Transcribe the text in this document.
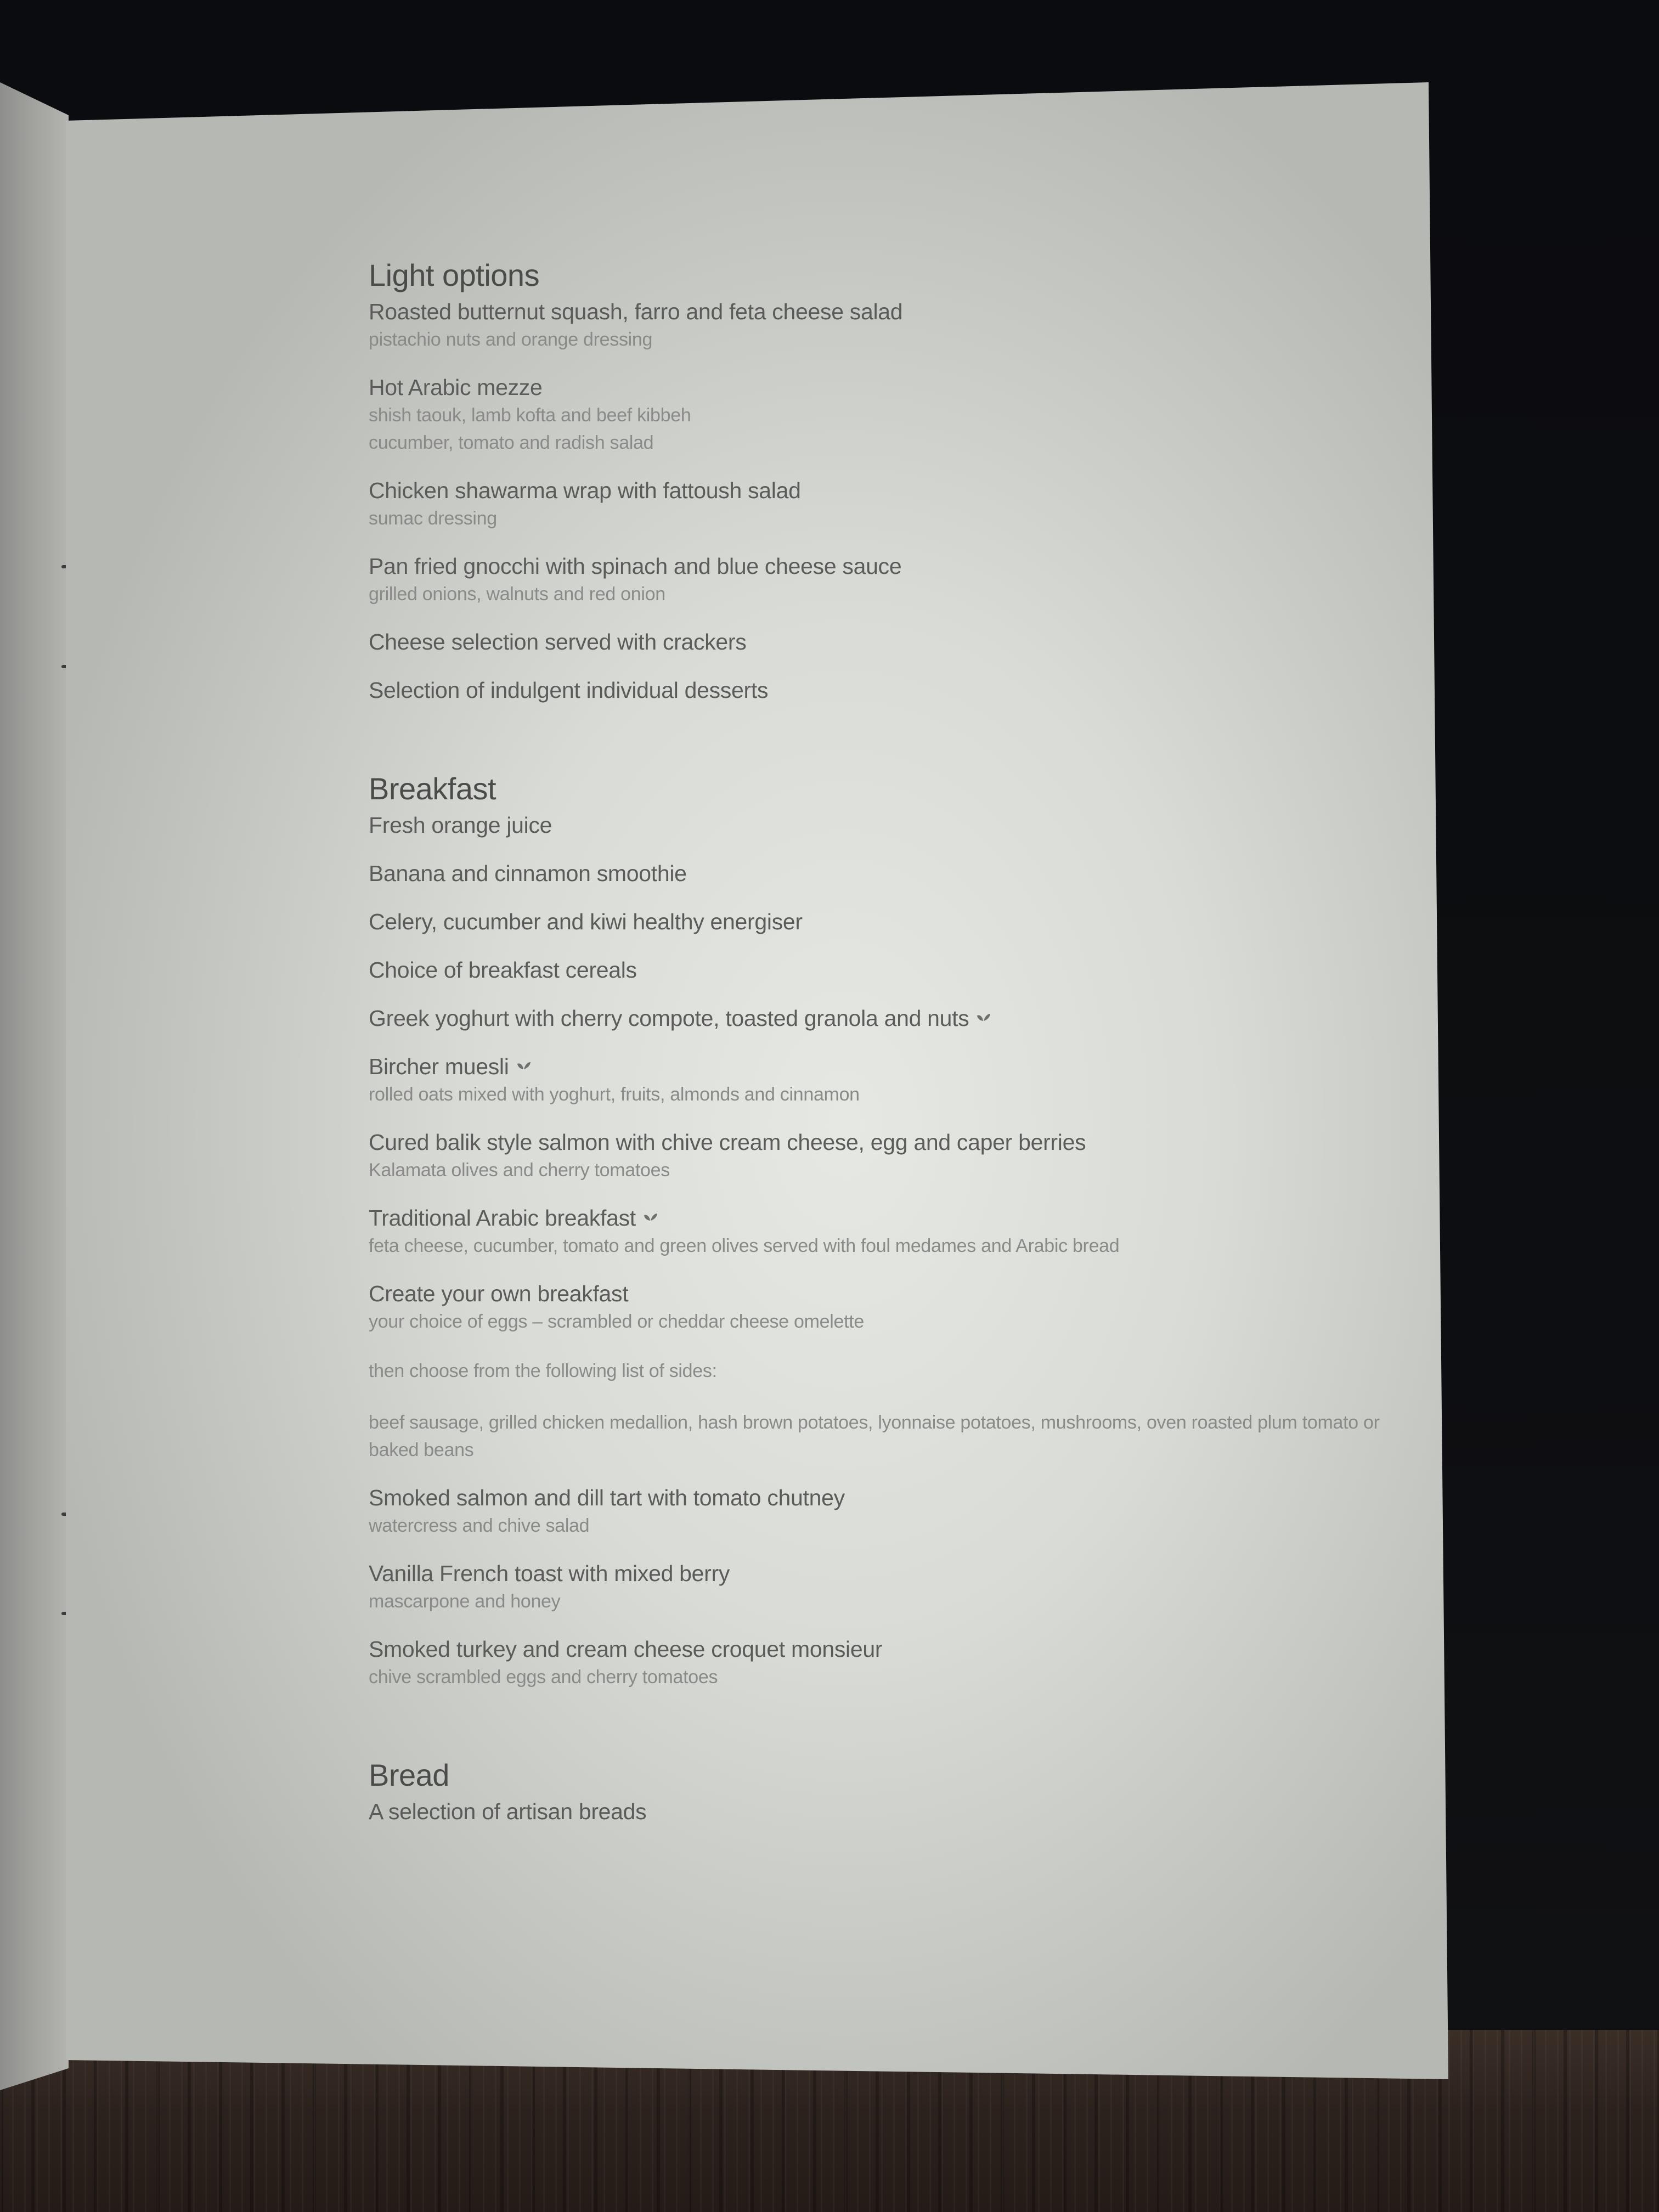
Light options
Roasted butternut squash, farro and feta cheese salad
pistachio nuts and orange dressing
Hot Arabic mezze
shish taouk, lamb kofta and beef kibbeh
cucumber, tomato and radish salad
Chicken shawarma wrap with fattoush salad
sumac dressing
Pan fried gnocchi with spinach and blue cheese sauce
grilled onions, walnuts and red onion
Cheese selection served with crackers
Selection of indulgent individual desserts
Breakfast
Fresh orange juice
Banana and cinnamon smoothie
Celery, cucumber and kiwi healthy energiser
Choice of breakfast cereals
Greek yoghurt with cherry compote, toasted granola and nuts
Bircher muesli
rolled oats mixed with yoghurt, fruits, almonds and cinnamon
Cured balik style salmon with chive cream cheese, egg and caper berries
Kalamata olives and cherry tomatoes
Traditional Arabic breakfast
feta cheese, cucumber, tomato and green olives served with foul medames and Arabic bread
Create your own breakfast
your choice of eggs – scrambled or cheddar cheese omelette
then choose from the following list of sides:
beef sausage, grilled chicken medallion, hash brown potatoes, lyonnaise potatoes, mushrooms, oven roasted plum tomato or baked beans
Smoked salmon and dill tart with tomato chutney
watercress and chive salad
Vanilla French toast with mixed berry
mascarpone and honey
Smoked turkey and cream cheese croquet monsieur
chive scrambled eggs and cherry tomatoes
Bread
A selection of artisan breads
